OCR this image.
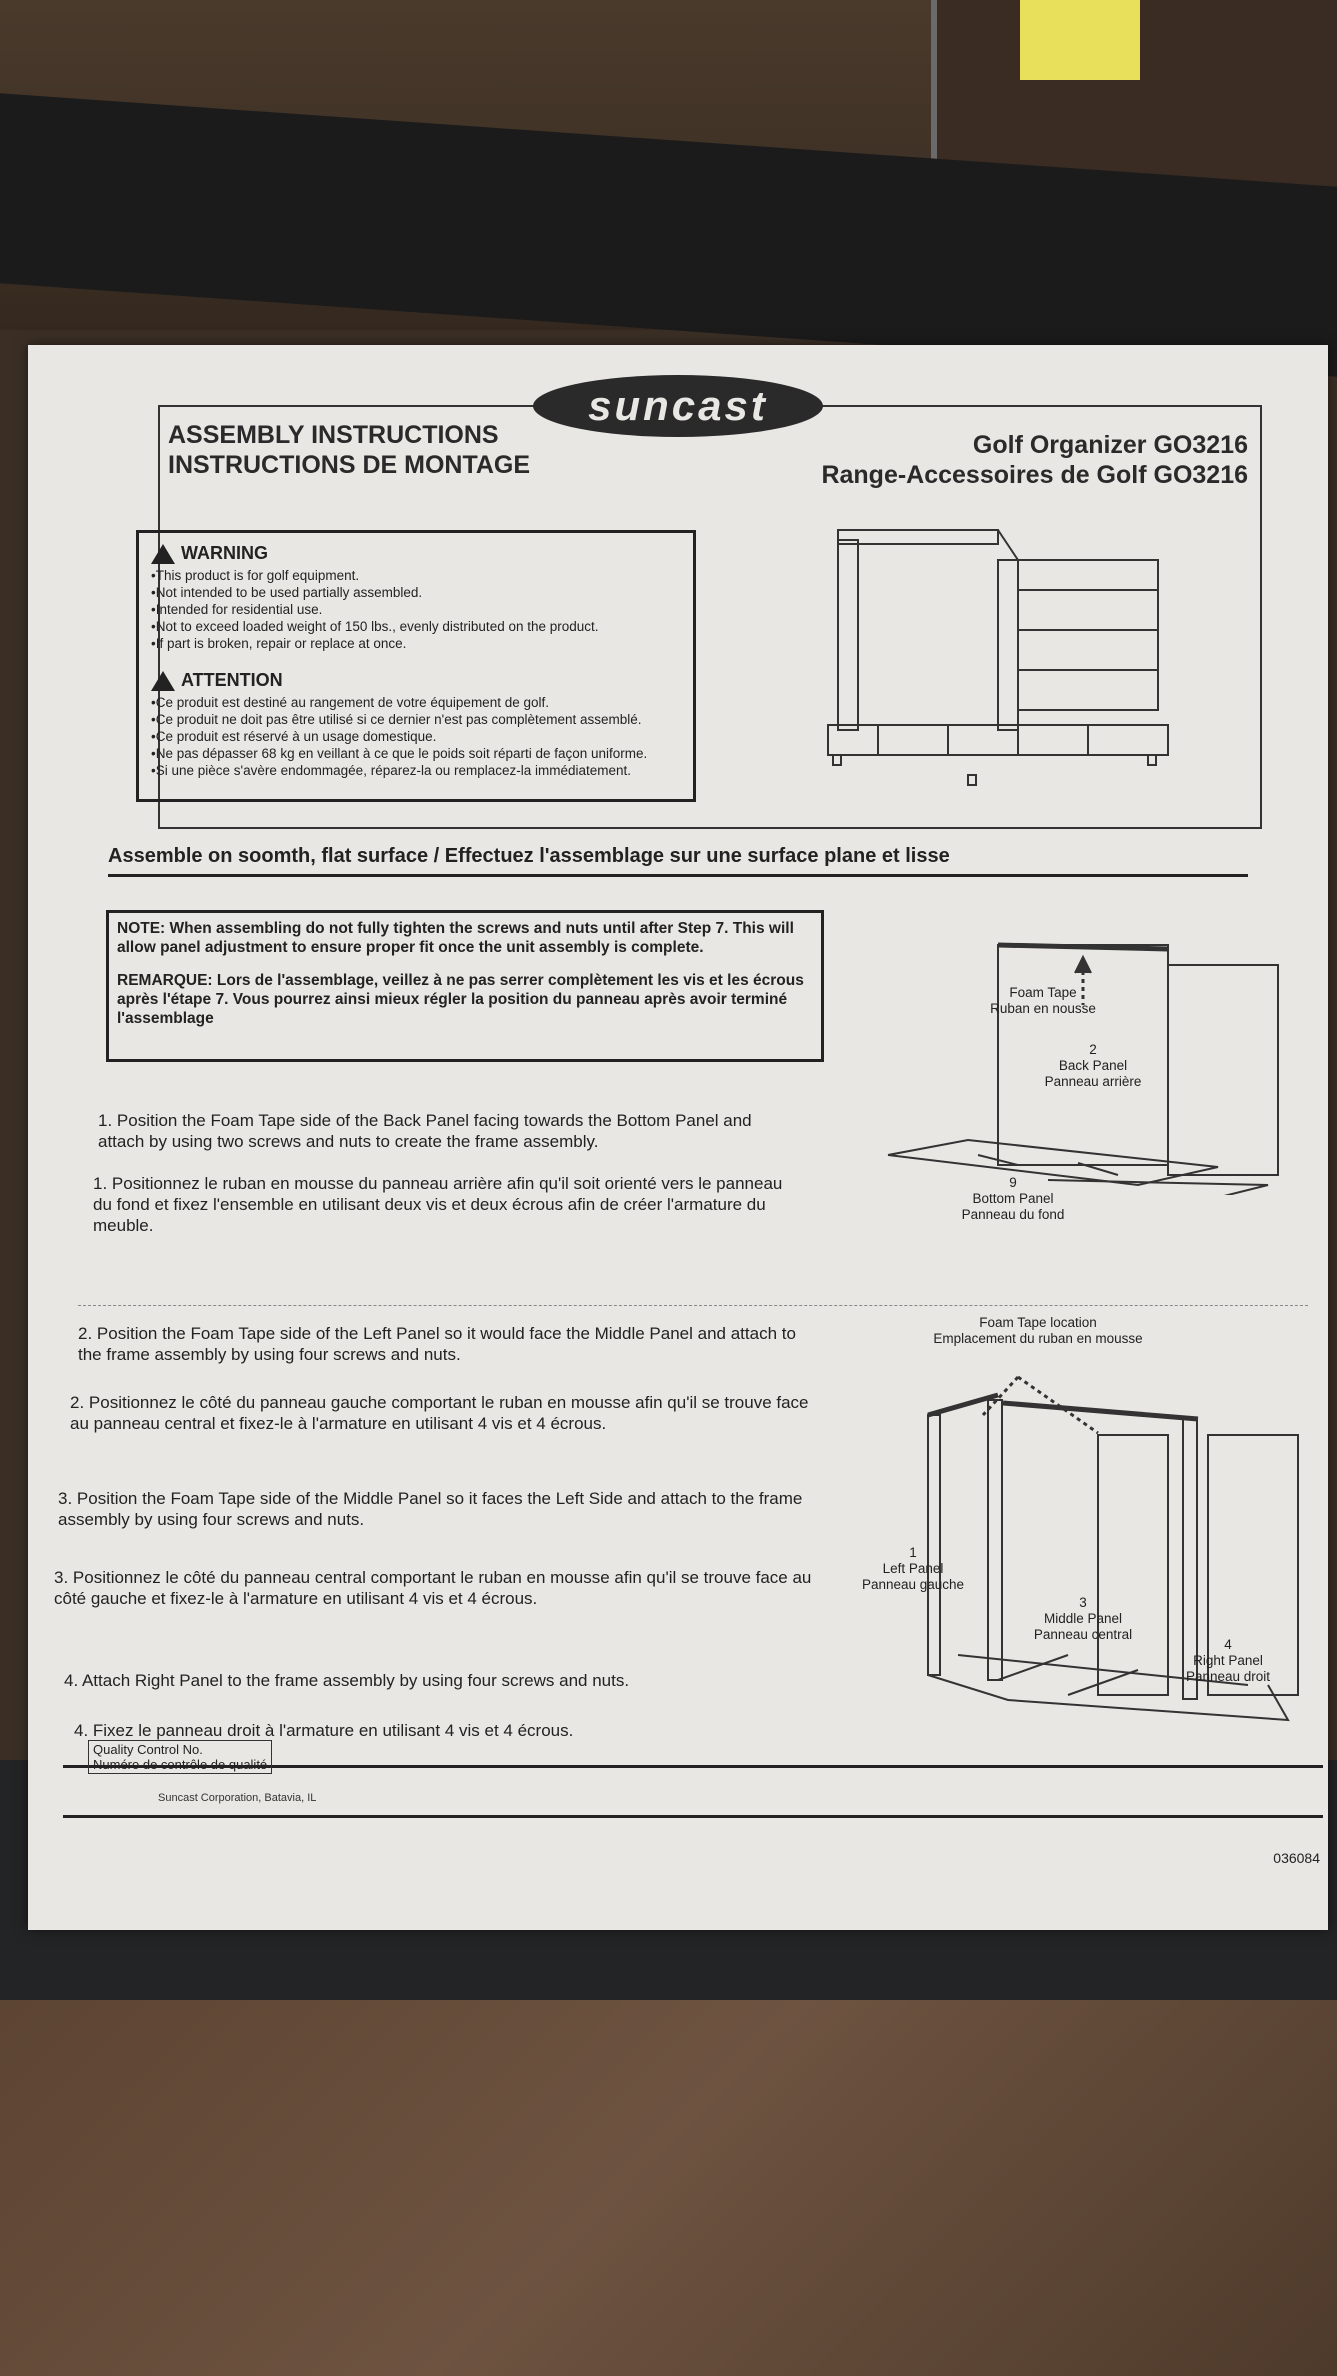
suncast
ASSEMBLY INSTRUCTIONS
INSTRUCTIONS DE MONTAGE
Golf Organizer GO3216
Range-Accessoires de Golf GO3216
WARNING
• This product is for golf equipment.
• Not intended to be used partially assembled.
• Intended for residential use.
• Not to exceed loaded weight of 150 lbs., evenly distributed on the product.
• If part is broken, repair or replace at once.
ATTENTION
• Ce produit est destiné au rangement de votre équipement de golf.
• Ce produit ne doit pas être utilisé si ce dernier n'est pas complètement assemblé.
• Ce produit est réservé à un usage domestique.
• Ne pas dépasser 68 kg en veillant à ce que le poids soit réparti de façon uniforme.
• Si une pièce s'avère endommagée, réparez-la ou remplacez-la immédiatement.
Assemble on soomth, flat surface / Effectuez l'assemblage sur une surface plane et lisse
NOTE: When assembling do not fully tighten the screws and nuts until after Step 7. This will allow panel adjustment to ensure proper fit once the unit assembly is complete.
REMARQUE: Lors de l'assemblage, veillez à ne pas serrer complètement les vis et les écrous après l'étape 7. Vous pourrez ainsi mieux régler la position du panneau après avoir terminé l'assemblage
1. Position the Foam Tape side of the Back Panel facing towards the Bottom Panel and attach by using two screws and nuts to create the frame assembly.
1. Positionnez le ruban en mousse du panneau arrière afin qu'il soit orienté vers le panneau du fond et fixez l'ensemble en utilisant deux vis et deux écrous afin de créer l'armature du meuble.
Foam Tape
Ruban en nousse
2
Back Panel
Panneau arrière
9
Bottom Panel
Panneau du fond
2. Position the Foam Tape side of the Left Panel so it would face the Middle Panel and attach to the frame assembly by using four screws and nuts.
2. Positionnez le côté du panneau gauche comportant le ruban en mousse afin qu'il se trouve face au panneau central et fixez-le à l'armature en utilisant 4 vis et 4 écrous.
3. Position the Foam Tape side of the Middle Panel so it faces the Left Side and attach to the frame assembly by using four screws and nuts.
3. Positionnez le côté du panneau central comportant le ruban en mousse afin qu'il se trouve face au côté gauche et fixez-le à l'armature en utilisant 4 vis et 4 écrous.
4. Attach Right Panel to the frame assembly by using four screws and nuts.
4. Fixez le panneau droit à l'armature en utilisant 4 vis et 4 écrous.
Foam Tape location
Emplacement du ruban en mousse
1
Left Panel
Panneau gauche
3
Middle Panel
Panneau central
4
Right Panel
Panneau droit
Quality Control No.
Numéro de contrôle de qualité
Suncast Corporation, Batavia, IL
036084
